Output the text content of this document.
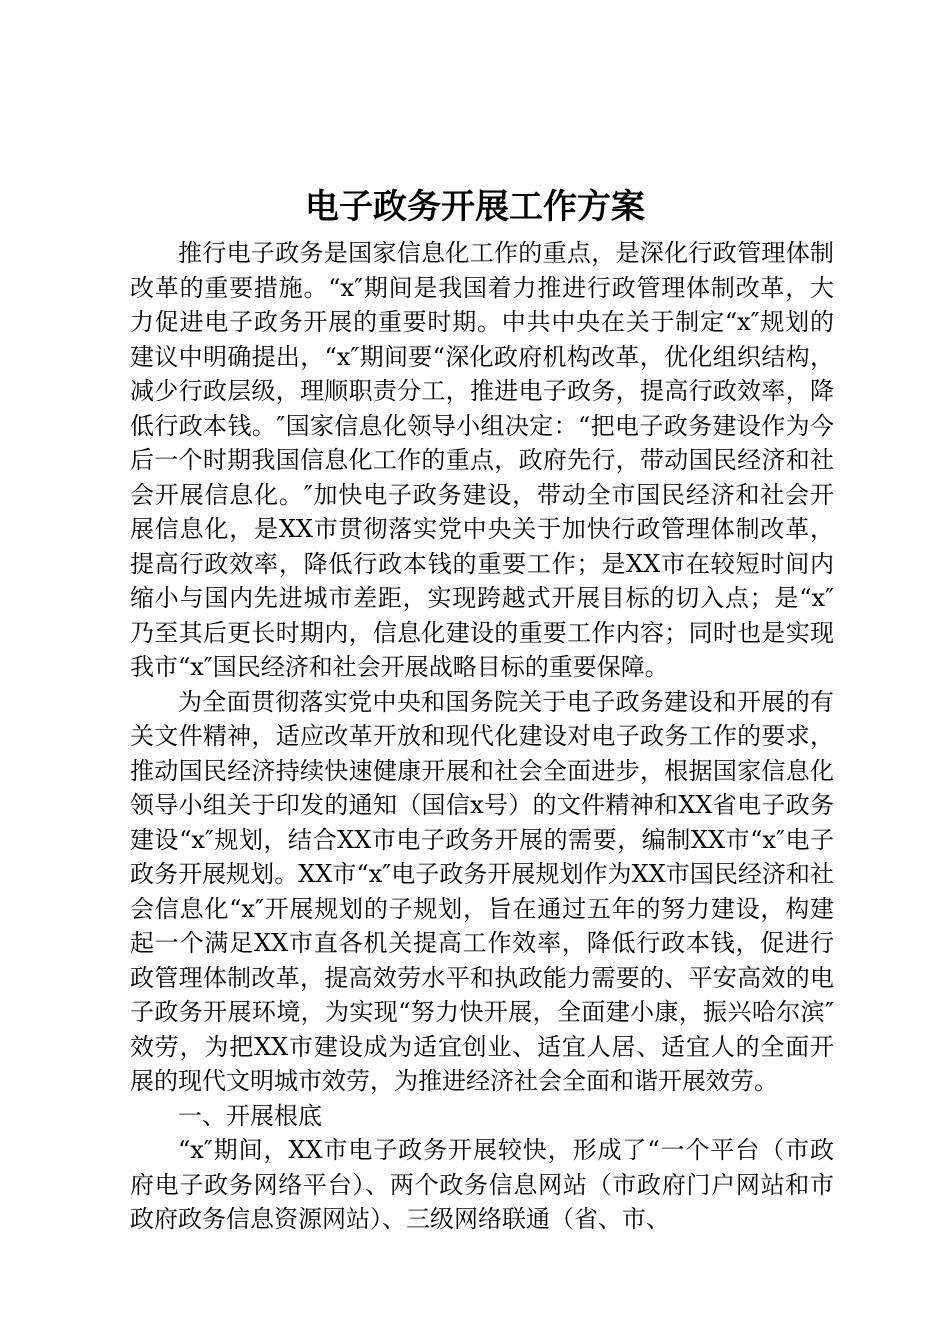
电子政务开展工作方案

推行电子政务是国家信息化工作的重点，是深化行政管理体制改革的重要措施。“x″期间是我国着力推进行政管理体制改革，大力促进电子政务开展的重要时期。中共中央在关于制定“x″规划的建议中明确提出，“x″期间要“深化政府机构改革，优化组织结构，减少行政层级，理顺职责分工，推进电子政务，提高行政效率，降低行政本钱。″国家信息化领导小组决定：“把电子政务建设作为今后一个时期我国信息化工作的重点，政府先行，带动国民经济和社会开展信息化。″加快电子政务建设，带动全市国民经济和社会开展信息化，是XX市贯彻落实党中央关于加快行政管理体制改革，提高行政效率，降低行政本钱的重要工作；是XX市在较短时间内缩小与国内先进城市差距，实现跨越式开展目标的切入点；是“x″乃至其后更长时期内，信息化建设的重要工作内容；同时也是实现我市“x″国民经济和社会开展战略目标的重要保障。

为全面贯彻落实党中央和国务院关于电子政务建设和开展的有关文件精神，适应改革开放和现代化建设对电子政务工作的要求，推动国民经济持续快速健康开展和社会全面进步，根据国家信息化领导小组关于印发的通知（国信x号）的文件精神和XX省电子政务建设“x″规划，结合XX市电子政务开展的需要，编制XX市“x″电子政务开展规划。XX市“x″电子政务开展规划作为XX市国民经济和社会信息化“x″开展规划的子规划，旨在通过五年的努力建设，构建起一个满足XX市直各机关提高工作效率，降低行政本钱，促进行政管理体制改革，提高效劳水平和执政能力需要的、平安高效的电子政务开展环境，为实现“努力快开展，全面建小康，振兴哈尔滨″效劳，为把XX市建设成为适宜创业、适宜人居、适宜人的全面开展的现代文明城市效劳，为推进经济社会全面和谐开展效劳。

一、开展根底

“x″期间，XX市电子政务开展较快，形成了“一个平台（市政府电子政务网络平台）、两个政务信息网站（市政府门户网站和市政府政务信息资源网站）、三级网络联通（省、市、
